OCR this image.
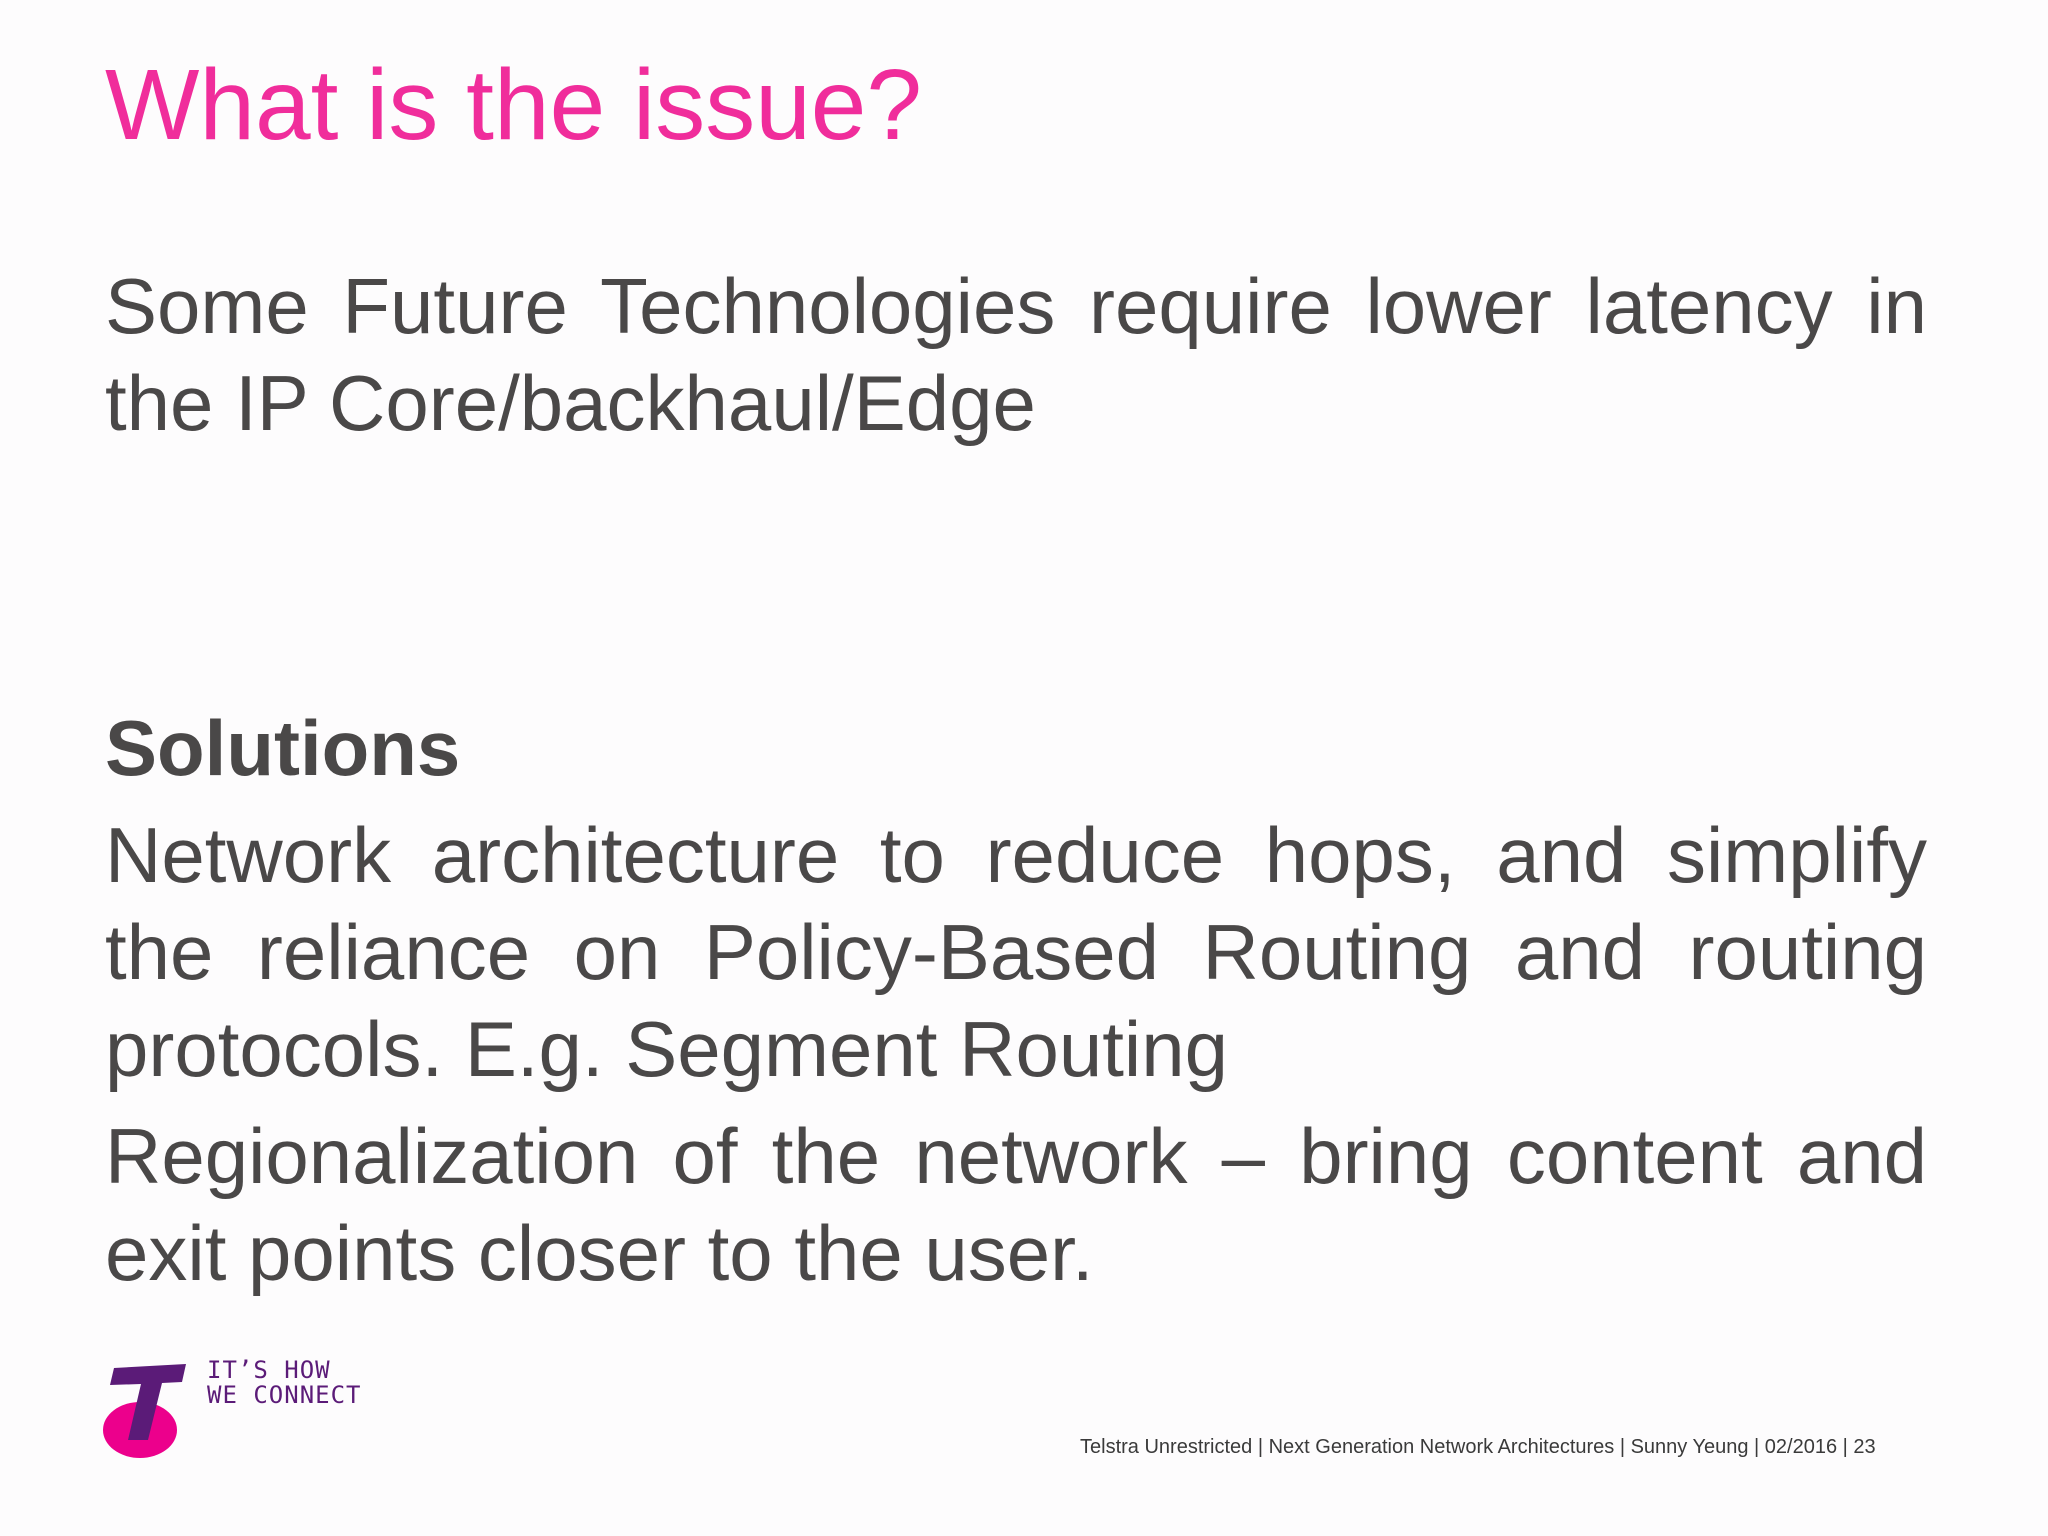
What is the issue?
Some Future Technologies require lower latency in the IP Core/backhaul/Edge
Solutions

Network architecture to reduce hops, and simplify the reliance on Policy-Based Routing and routing protocols. E.g. Segment Routing

Regionalization of the network – bring content and exit points closer to the user.

IT’S HOW
WE CONNECT
Telstra Unrestricted | Next Generation Network Architectures | Sunny Yeung | 02/2016 | 23
